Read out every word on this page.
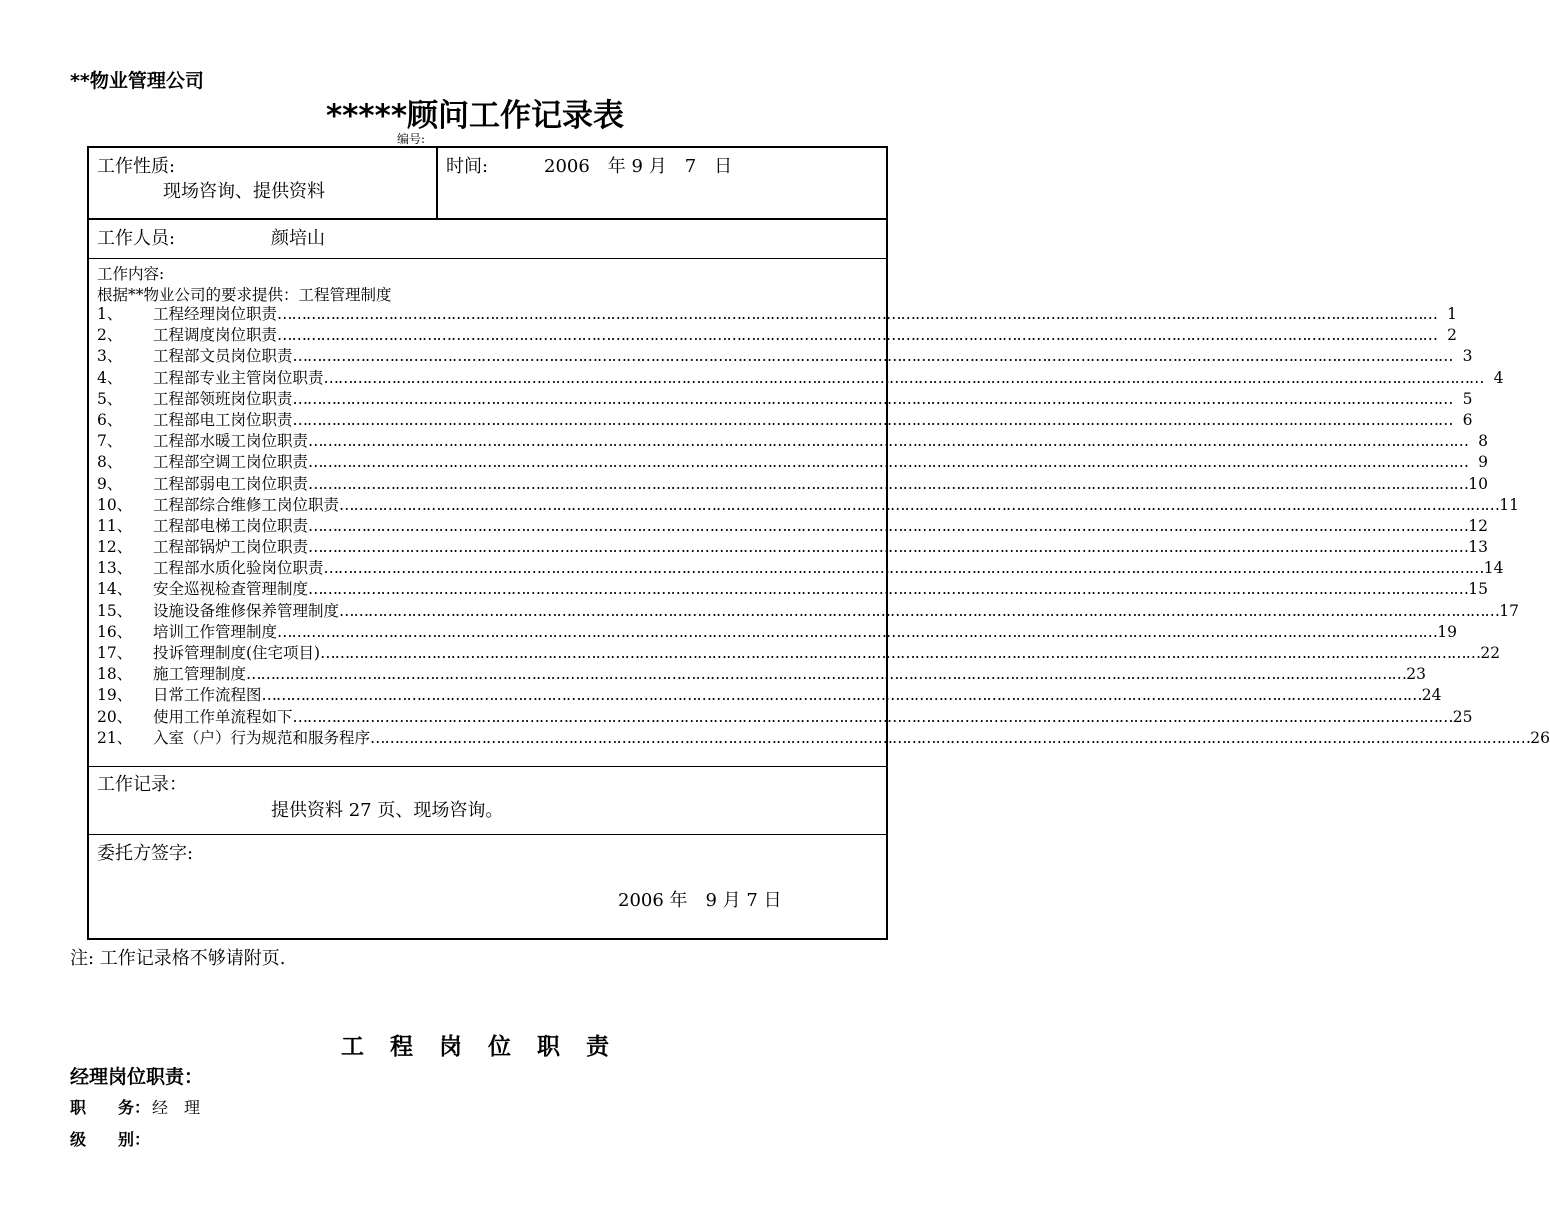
**物业管理公司
*****顾问工作记录表
编号:
工作性质:
现场咨询、提供资料
时间:	2006　年 9 月　7　日
工作人员:	颜培山
工作内容:
根据**物业公司的要求提供：工程管理制度
1、	工程经理岗位职责 …………………………………………………………………………………………………………………………………………………………………………………………………………………… 1
2、	工程调度岗位职责 …………………………………………………………………………………………………………………………………………………………………………………………………………………… 2
3、	工程部文员岗位职责 …………………………………………………………………………………………………………………………………………………………………………………………………………………… 3
4、	工程部专业主管岗位职责 …………………………………………………………………………………………………………………………………………………………………………………………………………………… 4
5、	工程部领班岗位职责 …………………………………………………………………………………………………………………………………………………………………………………………………………………… 5
6、	工程部电工岗位职责 …………………………………………………………………………………………………………………………………………………………………………………………………………………… 6
7、	工程部水暖工岗位职责 …………………………………………………………………………………………………………………………………………………………………………………………………………………… 8
8、	工程部空调工岗位职责 …………………………………………………………………………………………………………………………………………………………………………………………………………………… 9
9、	工程部弱电工岗位职责 …………………………………………………………………………………………………………………………………………………………………………………………………………………… 10
10、	工程部综合维修工岗位职责 …………………………………………………………………………………………………………………………………………………………………………………………………………………… 11
11、	工程部电梯工岗位职责 …………………………………………………………………………………………………………………………………………………………………………………………………………………… 12
12、	工程部锅炉工岗位职责 …………………………………………………………………………………………………………………………………………………………………………………………………………………… 13
13、	工程部水质化验岗位职责 …………………………………………………………………………………………………………………………………………………………………………………………………………………… 14
14、	安全巡视检查管理制度 …………………………………………………………………………………………………………………………………………………………………………………………………………………… 15
15、	设施设备维修保养管理制度 …………………………………………………………………………………………………………………………………………………………………………………………………………………… 17
16、	培训工作管理制度 …………………………………………………………………………………………………………………………………………………………………………………………………………………… 19
17、	投诉管理制度(住宅项目) …………………………………………………………………………………………………………………………………………………………………………………………………………………… 22
18、	施工管理制度 …………………………………………………………………………………………………………………………………………………………………………………………………………………… 23
19、	日常工作流程图 …………………………………………………………………………………………………………………………………………………………………………………………………………………… 24
20、	使用工作单流程如下 …………………………………………………………………………………………………………………………………………………………………………………………………………………… 25
21、	入室（户）行为规范和服务程序 …………………………………………………………………………………………………………………………………………………………………………………………………………………… 26
工作记录：
提供资料 27 页、现场咨询。
委托方签字:
2006 年　9 月 7 日
注: 工作记录格不够请附页.
工 程 岗 位 职 责
经理岗位职责：
职　　务： 经　理
级　　别：
